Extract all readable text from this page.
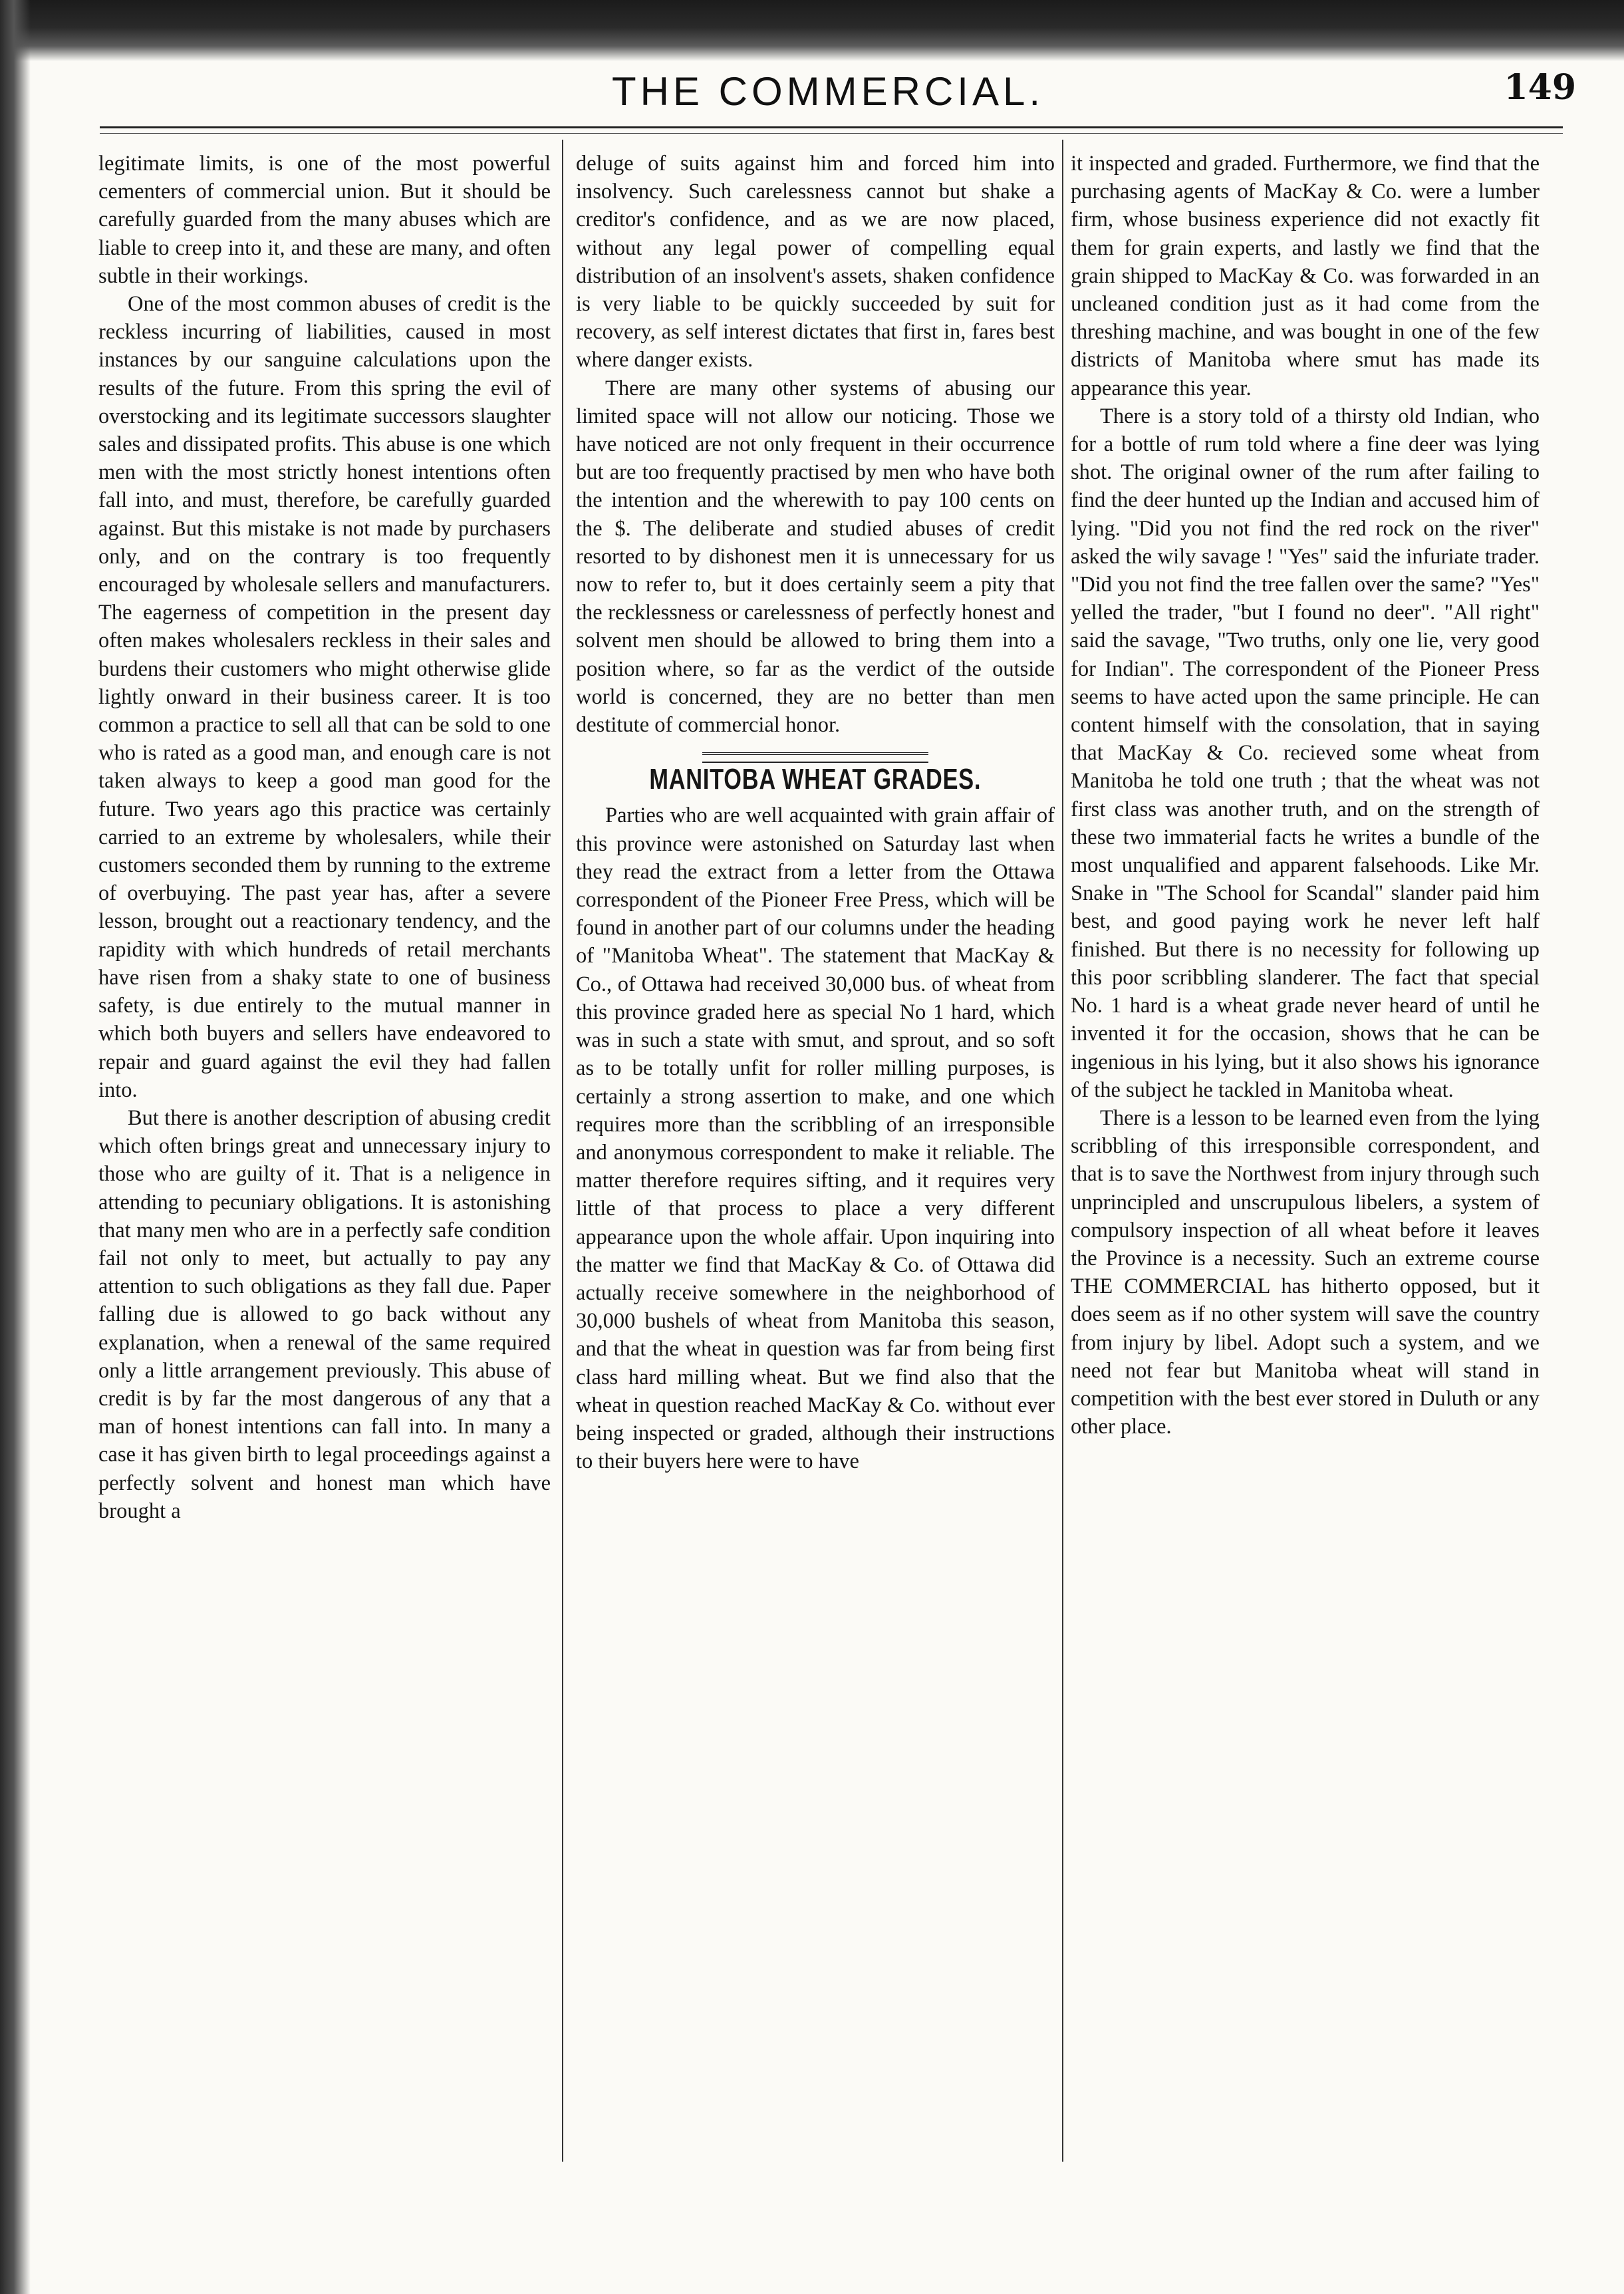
THE COMMERCIAL.	149

legitimate limits, is one of the most powerful cementers of commercial union. But it should be carefully guarded from the many abuses which are liable to creep into it, and these are many, and often subtle in their workings.

One of the most common abuses of credit is the reckless incurring of liabilities, caused in most instances by our sanguine calculations upon the results of the future. From this spring the evil of overstocking and its legitimate successors slaughter sales and dissipated profits. This abuse is one which men with the most strictly honest intentions often fall into, and must, therefore, be carefully guarded against. But this mistake is not made by purchasers only, and on the contrary is too frequently encouraged by wholesale sellers and manufacturers. The eagerness of competition in the present day often makes wholesalers reckless in their sales and burdens their customers who might otherwise glide lightly onward in their business career. It is too common a practice to sell all that can be sold to one who is rated as a good man, and enough care is not taken always to keep a good man good for the future. Two years ago this practice was certainly carried to an extreme by wholesalers, while their customers seconded them by running to the extreme of overbuying. The past year has, after a severe lesson, brought out a reactionary tendency, and the rapidity with which hundreds of retail merchants have risen from a shaky state to one of business safety, is due entirely to the mutual manner in which both buyers and sellers have endeavored to repair and guard against the evil they had fallen into.

But there is another description of abusing credit which often brings great and unnecessary injury to those who are guilty of it. That is a neligence in attending to pecuniary obligations. It is astonishing that many men who are in a perfectly safe condition fail not only to meet, but actually to pay any attention to such obligations as they fall due. Paper falling due is allowed to go back without any explanation, when a renewal of the same required only a little arrangement previously. This abuse of credit is by far the most dangerous of any that a man of honest intentions can fall into. In many a case it has given birth to legal proceedings against a perfectly solvent and honest man which have brought a

deluge of suits against him and forced him into insolvency. Such carelessness cannot but shake a creditor's confidence, and as we are now placed, without any legal power of compelling equal distribution of an insolvent's assets, shaken confidence is very liable to be quickly succeeded by suit for recovery, as self interest dictates that first in, fares best where danger exists.

There are many other systems of abusing our limited space will not allow our noticing. Those we have noticed are not only frequent in their occurrence but are too frequently practised by men who have both the intention and the wherewith to pay 100 cents on the $. The deliberate and studied abuses of credit resorted to by dishonest men it is unnecessary for us now to refer to, but it does certainly seem a pity that the recklessness or carelessness of perfectly honest and solvent men should be allowed to bring them into a position where, so far as the verdict of the outside world is concerned, they are no better than men destitute of commercial honor.

MANITOBA WHEAT GRADES.

Parties who are well acquainted with grain affair of this province were astonished on Saturday last when they read the extract from a letter from the Ottawa correspondent of the Pioneer Free Press, which will be found in another part of our columns under the heading of "Manitoba Wheat". The statement that MacKay & Co., of Ottawa had received 30,000 bus. of wheat from this province graded here as special No 1 hard, which was in such a state with smut, and sprout, and so soft as to be totally unfit for roller milling purposes, is certainly a strong assertion to make, and one which requires more than the scribbling of an irresponsible and anonymous correspondent to make it reliable. The matter therefore requires sifting, and it requires very little of that process to place a very different appearance upon the whole affair. Upon inquiring into the matter we find that MacKay & Co. of Ottawa did actually receive somewhere in the neighborhood of 30,000 bushels of wheat from Manitoba this season, and that the wheat in question was far from being first class hard milling wheat. But we find also that the wheat in question reached MacKay & Co. without ever being inspected or graded, although their instructions to their buyers here were to have

it inspected and graded. Furthermore, we find that the purchasing agents of MacKay & Co. were a lumber firm, whose business experience did not exactly fit them for grain experts, and lastly we find that the grain shipped to MacKay & Co. was forwarded in an uncleaned condition just as it had come from the threshing machine, and was bought in one of the few districts of Manitoba where smut has made its appearance this year.

There is a story told of a thirsty old Indian, who for a bottle of rum told where a fine deer was lying shot. The original owner of the rum after failing to find the deer hunted up the Indian and accused him of lying. "Did you not find the red rock on the river" asked the wily savage ! "Yes" said the infuriate trader. "Did you not find the tree fallen over the same? "Yes" yelled the trader, "but I found no deer". "All right" said the savage, "Two truths, only one lie, very good for Indian". The correspondent of the Pioneer Press seems to have acted upon the same principle. He can content himself with the consolation, that in saying that MacKay & Co. recieved some wheat from Manitoba he told one truth ; that the wheat was not first class was another truth, and on the strength of these two immaterial facts he writes a bundle of the most unqualified and apparent falsehoods. Like Mr. Snake in "The School for Scandal" slander paid him best, and good paying work he never left half finished. But there is no necessity for following up this poor scribbling slanderer. The fact that special No. 1 hard is a wheat grade never heard of until he invented it for the occasion, shows that he can be ingenious in his lying, but it also shows his ignorance of the subject he tackled in Manitoba wheat.

There is a lesson to be learned even from the lying scribbling of this irresponsible correspondent, and that is to save the Northwest from injury through such unprincipled and unscrupulous libelers, a system of compulsory inspection of all wheat before it leaves the Province is a necessity. Such an extreme course THE COMMERCIAL has hitherto opposed, but it does seem as if no other system will save the country from injury by libel. Adopt such a system, and we need not fear but Manitoba wheat will stand in competition with the best ever stored in Duluth or any other place.
